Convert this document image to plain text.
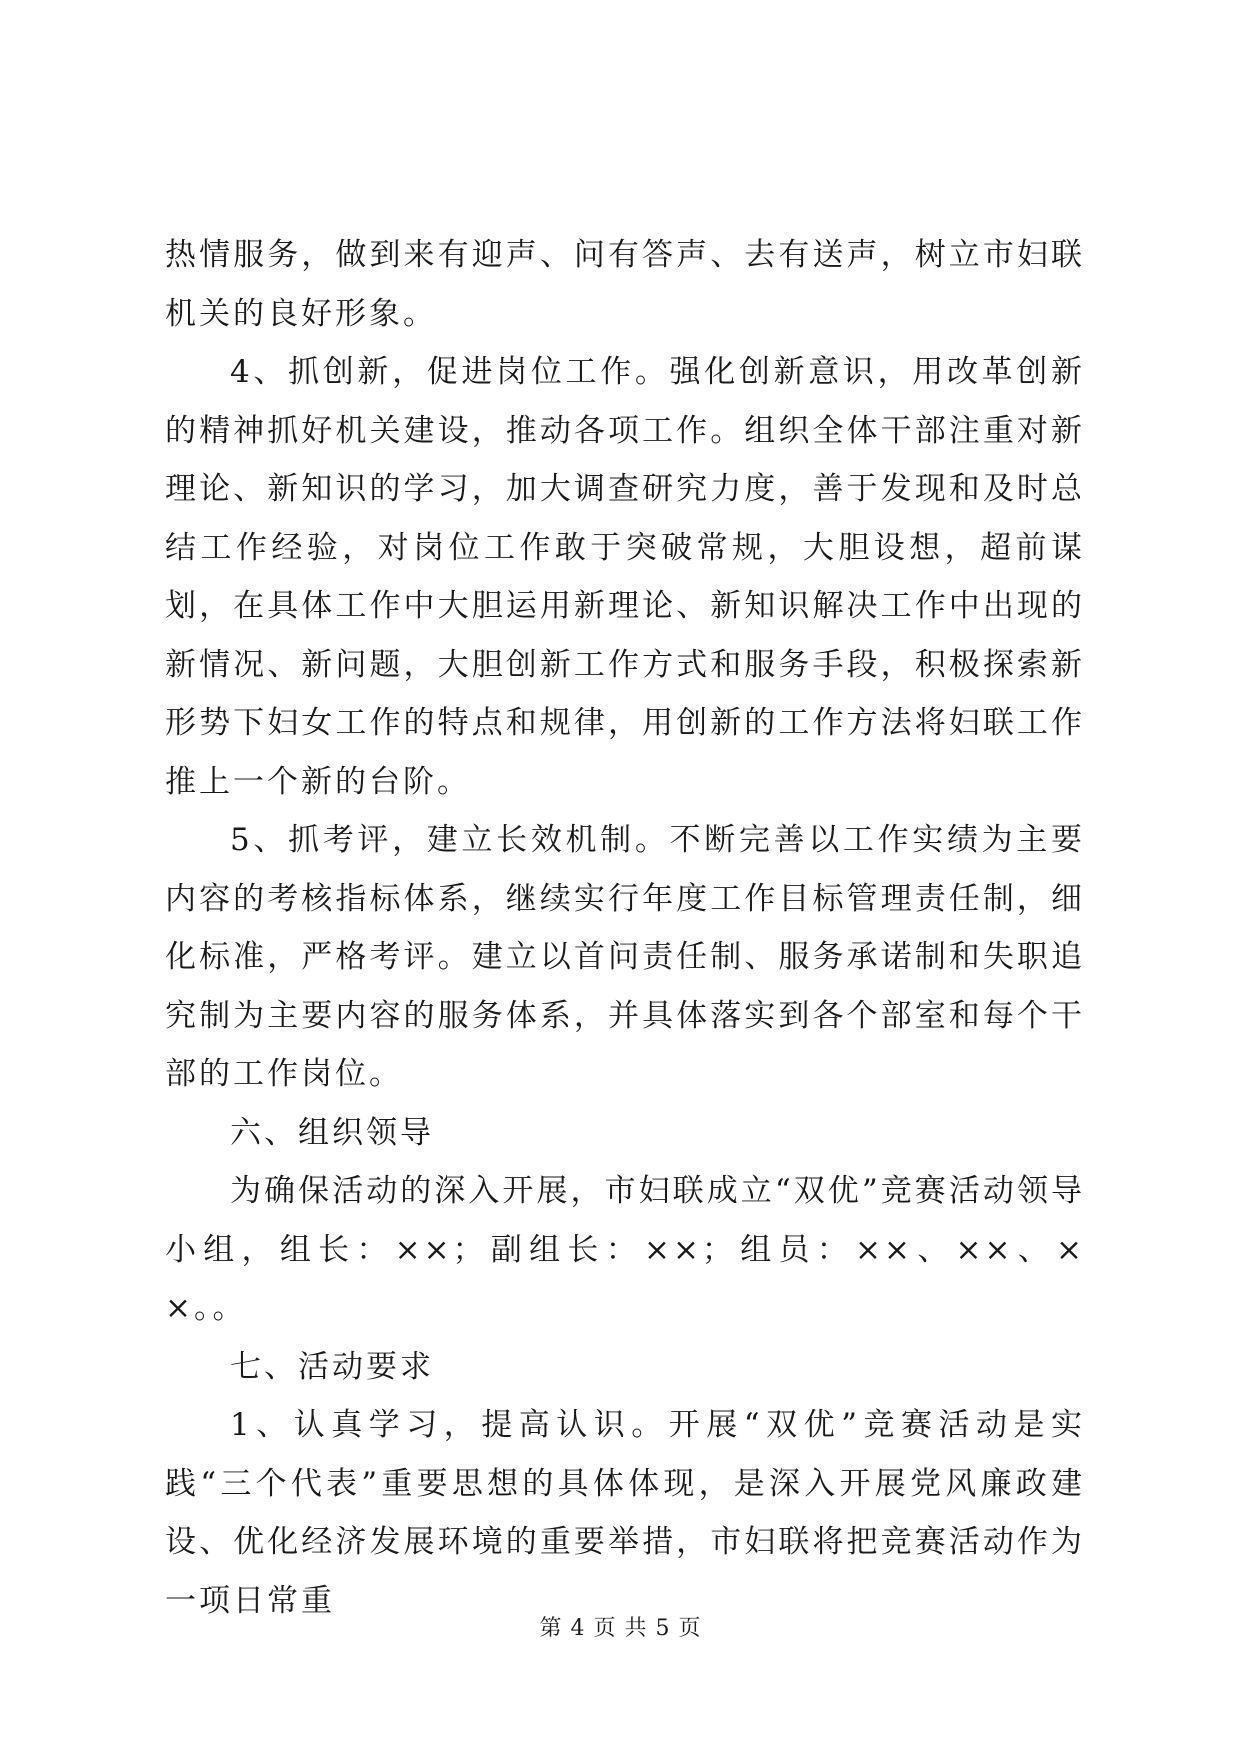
热情服务，做到来有迎声、问有答声、去有送声，树立市妇联机关的良好形象。

4、抓创新，促进岗位工作。强化创新意识，用改革创新的精神抓好机关建设，推动各项工作。组织全体干部注重对新理论、新知识的学习，加大调查研究力度，善于发现和及时总结工作经验，对岗位工作敢于突破常规，大胆设想，超前谋划，在具体工作中大胆运用新理论、新知识解决工作中出现的新情况、新问题，大胆创新工作方式和服务手段，积极探索新形势下妇女工作的特点和规律，用创新的工作方法将妇联工作推上一个新的台阶。

5、抓考评，建立长效机制。不断完善以工作实绩为主要内容的考核指标体系，继续实行年度工作目标管理责任制，细化标准，严格考评。建立以首问责任制、服务承诺制和失职追究制为主要内容的服务体系，并具体落实到各个部室和每个干部的工作岗位。

六、组织领导

为确保活动的深入开展，市妇联成立“双优”竞赛活动领导小组，组长：××；副组长：××；组员：××、××、××。。

七、活动要求

1、认真学习，提高认识。开展“双优”竞赛活动是实践“三个代表”重要思想的具体体现，是深入开展党风廉政建设、优化经济发展环境的重要举措，市妇联将把竞赛活动作为一项日常重

第 4 页 共 5 页
